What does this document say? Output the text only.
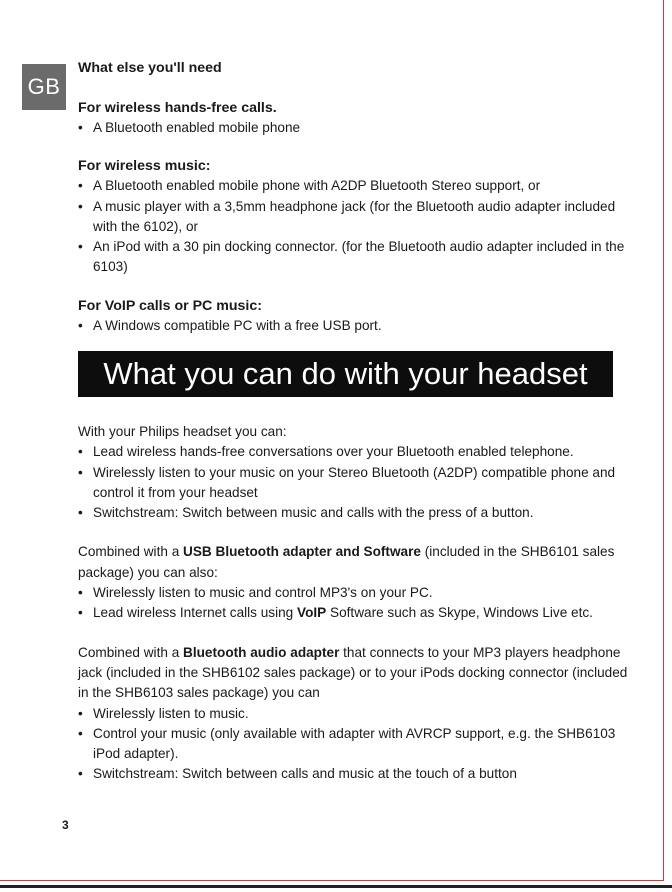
GB

What else you'll need

For wireless hands-free calls.

• A Bluetooth enabled mobile phone

For wireless music:

• A Bluetooth enabled mobile phone with A2DP Bluetooth Stereo support, or
• A music player with a 3,5mm headphone jack (for the Bluetooth audio adapter included with the 6102), or
• An iPod with a 30 pin docking connector. (for the Bluetooth audio adapter included in the 6103)

For VoIP calls or PC music:

• A Windows compatible PC with a free USB port.
What you can do with your headset

With your Philips headset you can:

• Lead wireless hands-free conversations over your Bluetooth enabled telephone.
• Wirelessly listen to your music on your Stereo Bluetooth (A2DP) compatible phone and control it from your headset
• Switchstream: Switch between music and calls with the press of a button.

Combined with a USB Bluetooth adapter and Software (included in the SHB6101 sales package) you can also:

• Wirelessly listen to music and control MP3's on your PC.
• Lead wireless Internet calls using VoIP Software such as Skype, Windows Live etc.

Combined with a Bluetooth audio adapter that connects to your MP3 players headphone jack (included in the SHB6102 sales package) or to your iPods docking connector (included in the SHB6103 sales package) you can

• Wirelessly listen to music.
• Control your music (only available with adapter with AVRCP support, e.g. the SHB6103 iPod adapter).
• Switchstream: Switch between calls and music at the touch of a button
3
